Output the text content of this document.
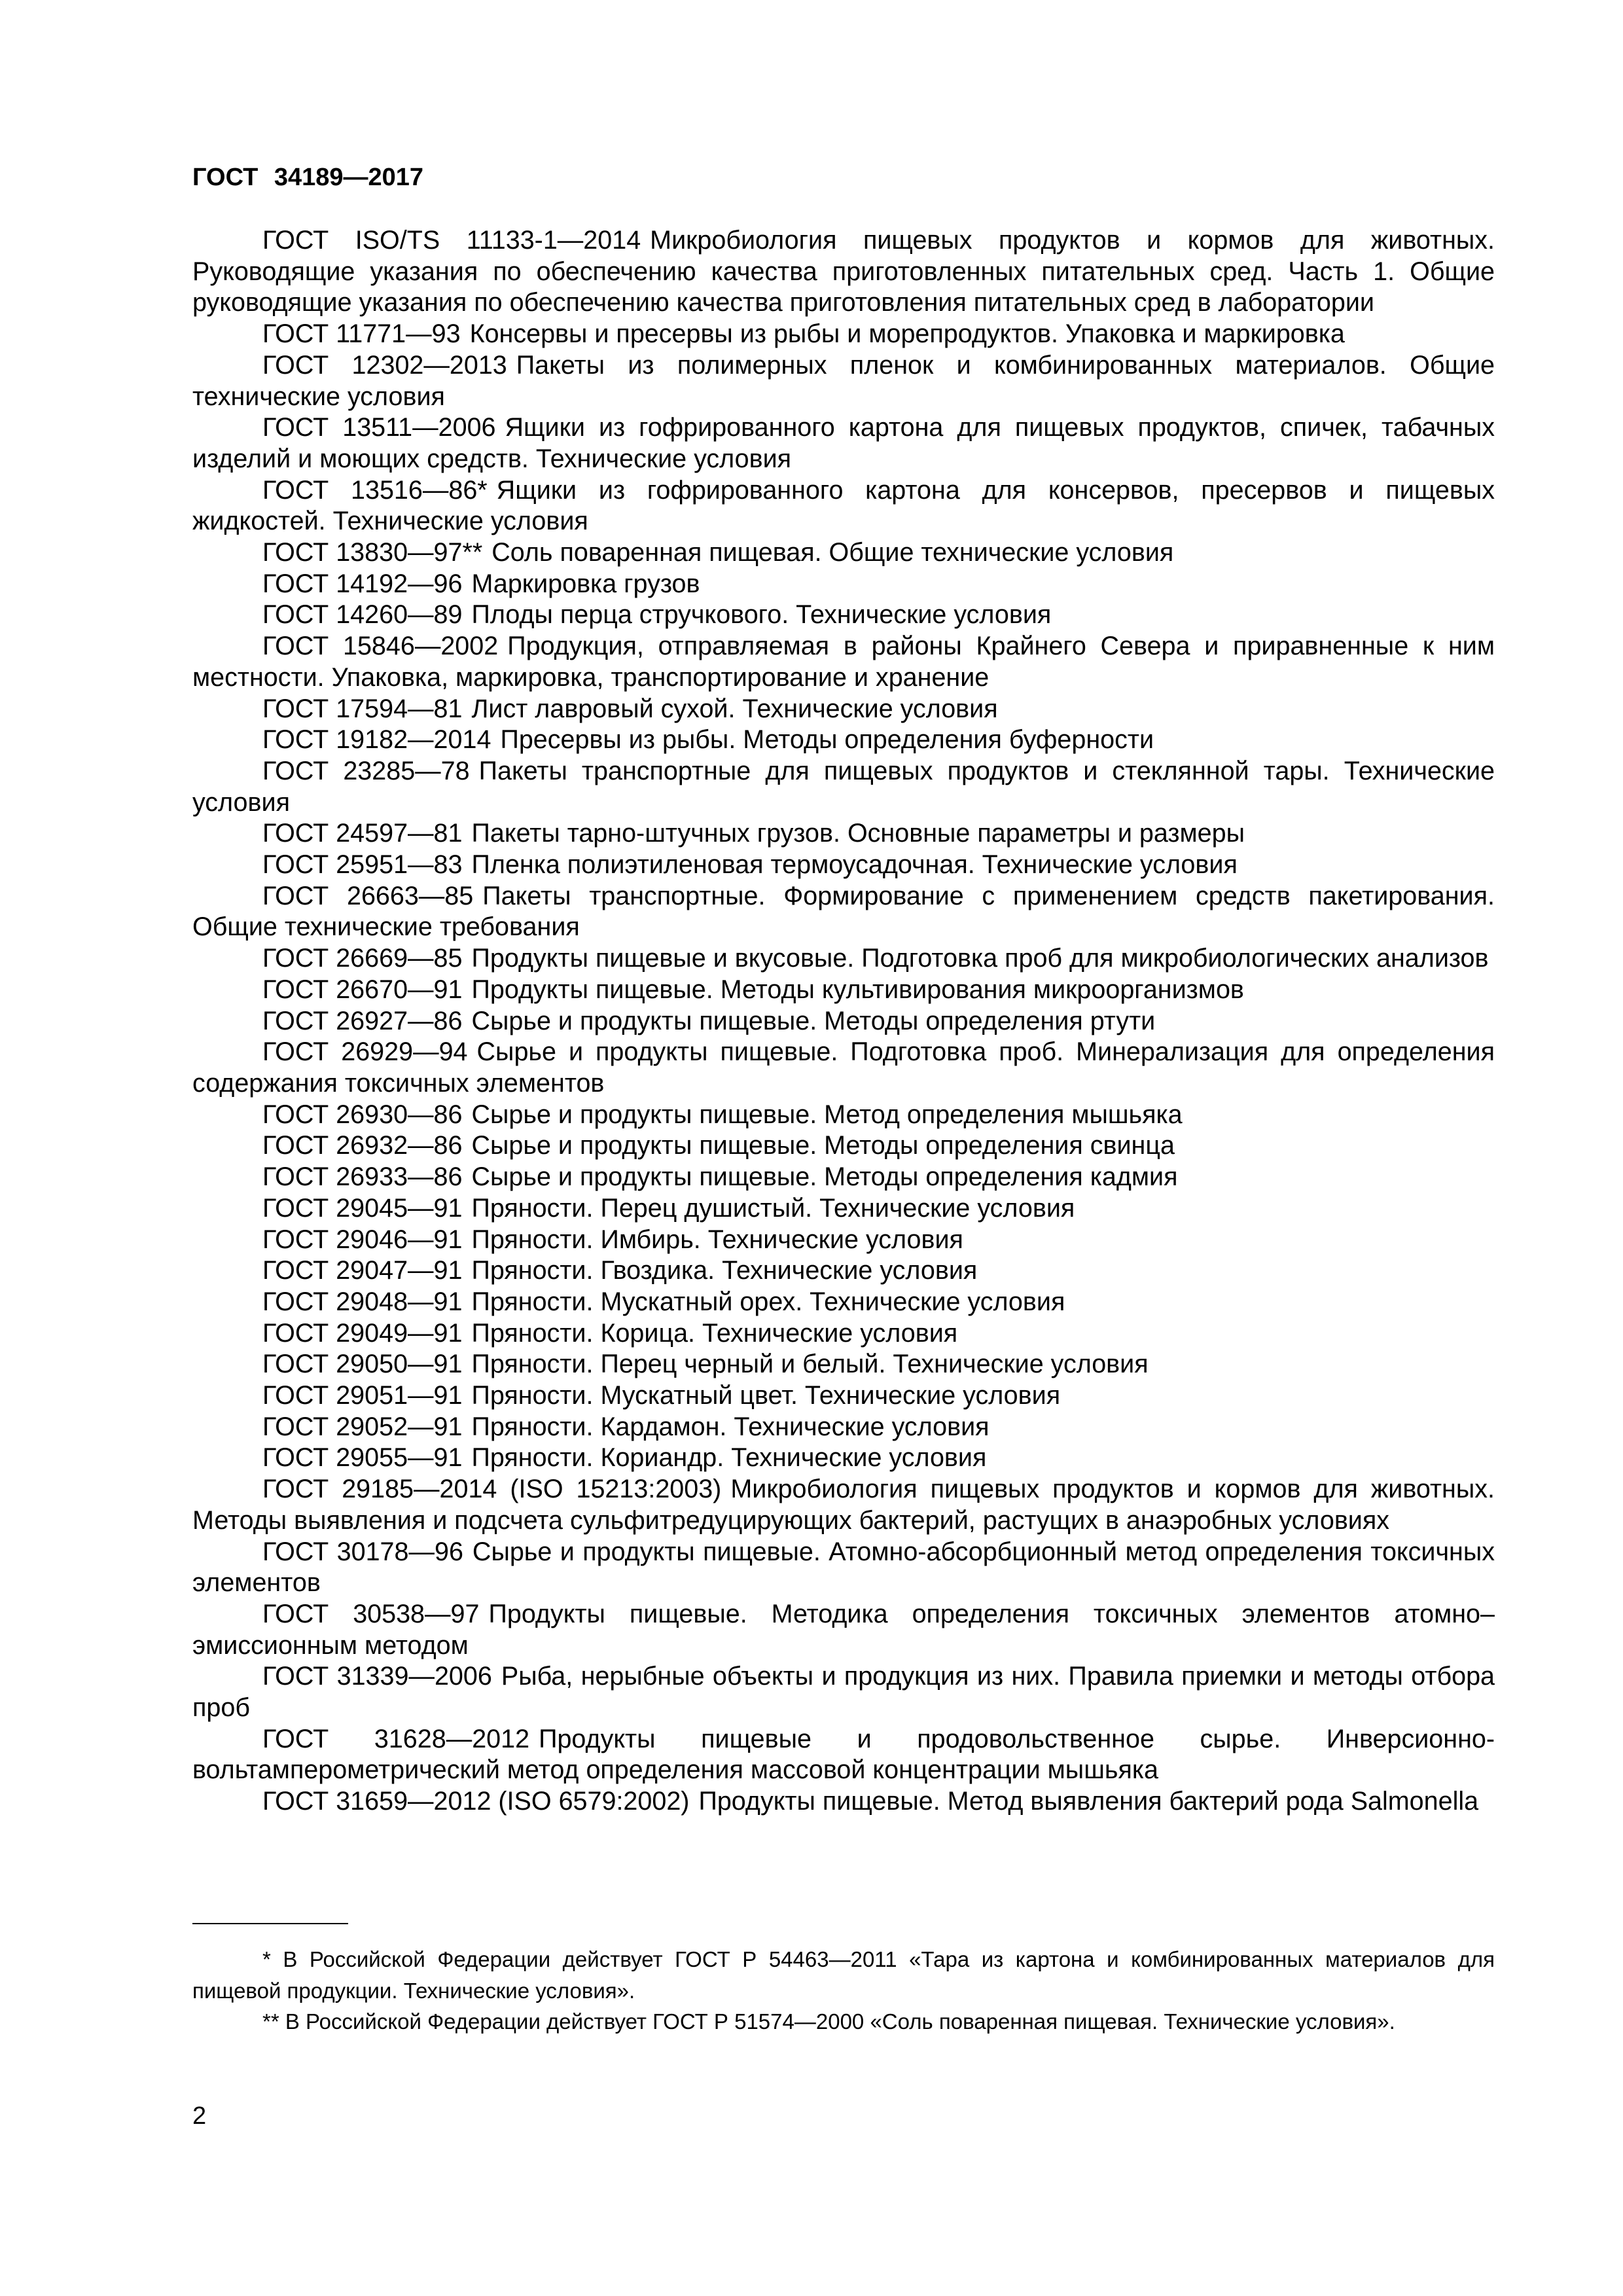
ГОСТ 34189—2017

ГОСТ ISO/TS 11133-1—2014 Микробиология пищевых продуктов и кормов для животных. Руководящие указания по обеспечению качества приготовленных питательных сред. Часть 1. Общие руководящие указания по обеспечению качества приготовления питательных сред в лаборатории

ГОСТ 11771—93 Консервы и пресервы из рыбы и морепродуктов. Упаковка и маркировка

ГОСТ 12302—2013 Пакеты из полимерных пленок и комбинированных материалов. Общие технические условия

ГОСТ 13511—2006 Ящики из гофрированного картона для пищевых продуктов, спичек, табачных изделий и моющих средств. Технические условия

ГОСТ 13516—86* Ящики из гофрированного картона для консервов, пресервов и пищевых жидкостей. Технические условия

ГОСТ 13830—97** Соль поваренная пищевая. Общие технические условия

ГОСТ 14192—96 Маркировка грузов

ГОСТ 14260—89 Плоды перца стручкового. Технические условия

ГОСТ 15846—2002 Продукция, отправляемая в районы Крайнего Севера и приравненные к ним местности. Упаковка, маркировка, транспортирование и хранение

ГОСТ 17594—81 Лист лавровый сухой. Технические условия

ГОСТ 19182—2014 Пресервы из рыбы. Методы определения буферности

ГОСТ 23285—78 Пакеты транспортные для пищевых продуктов и стеклянной тары. Технические условия

ГОСТ 24597—81 Пакеты тарно-штучных грузов. Основные параметры и размеры

ГОСТ 25951—83 Пленка полиэтиленовая термоусадочная. Технические условия

ГОСТ 26663—85 Пакеты транспортные. Формирование с применением средств пакетирования. Общие технические требования

ГОСТ 26669—85 Продукты пищевые и вкусовые. Подготовка проб для микробиологических анализов

ГОСТ 26670—91 Продукты пищевые. Методы культивирования микроорганизмов

ГОСТ 26927—86 Сырье и продукты пищевые. Методы определения ртути

ГОСТ 26929—94 Сырье и продукты пищевые. Подготовка проб. Минерализация для определения содержания токсичных элементов

ГОСТ 26930—86 Сырье и продукты пищевые. Метод определения мышьяка

ГОСТ 26932—86 Сырье и продукты пищевые. Методы определения свинца

ГОСТ 26933—86 Сырье и продукты пищевые. Методы определения кадмия

ГОСТ 29045—91 Пряности. Перец душистый. Технические условия

ГОСТ 29046—91 Пряности. Имбирь. Технические условия

ГОСТ 29047—91 Пряности. Гвоздика. Технические условия

ГОСТ 29048—91 Пряности. Мускатный орех. Технические условия

ГОСТ 29049—91 Пряности. Корица. Технические условия

ГОСТ 29050—91 Пряности. Перец черный и белый. Технические условия

ГОСТ 29051—91 Пряности. Мускатный цвет. Технические условия

ГОСТ 29052—91 Пряности. Кардамон. Технические условия

ГОСТ 29055—91 Пряности. Кориандр. Технические условия

ГОСТ 29185—2014 (ISO 15213:2003) Микробиология пищевых продуктов и кормов для животных. Методы выявления и подсчета сульфитредуцирующих бактерий, растущих в анаэробных условиях

ГОСТ 30178—96 Сырье и продукты пищевые. Атомно-абсорбционный метод определения токсичных элементов

ГОСТ 30538—97 Продукты пищевые. Методика определения токсичных элементов атомно–эмиссионным методом

ГОСТ 31339—2006 Рыба, нерыбные объекты и продукция из них. Правила приемки и методы отбора проб

ГОСТ 31628—2012 Продукты пищевые и продовольственное сырье. Инверсионно-вольтамперометрический метод определения массовой концентрации мышьяка

ГОСТ 31659—2012 (ISO 6579:2002) Продукты пищевые. Метод выявления бактерий рода Salmonella

* В Российской Федерации действует ГОСТ Р 54463—2011 «Тара из картона и комбинированных материалов для пищевой продукции. Технические условия».

** В Российской Федерации действует ГОСТ Р 51574—2000 «Соль поваренная пищевая. Технические условия».

2
